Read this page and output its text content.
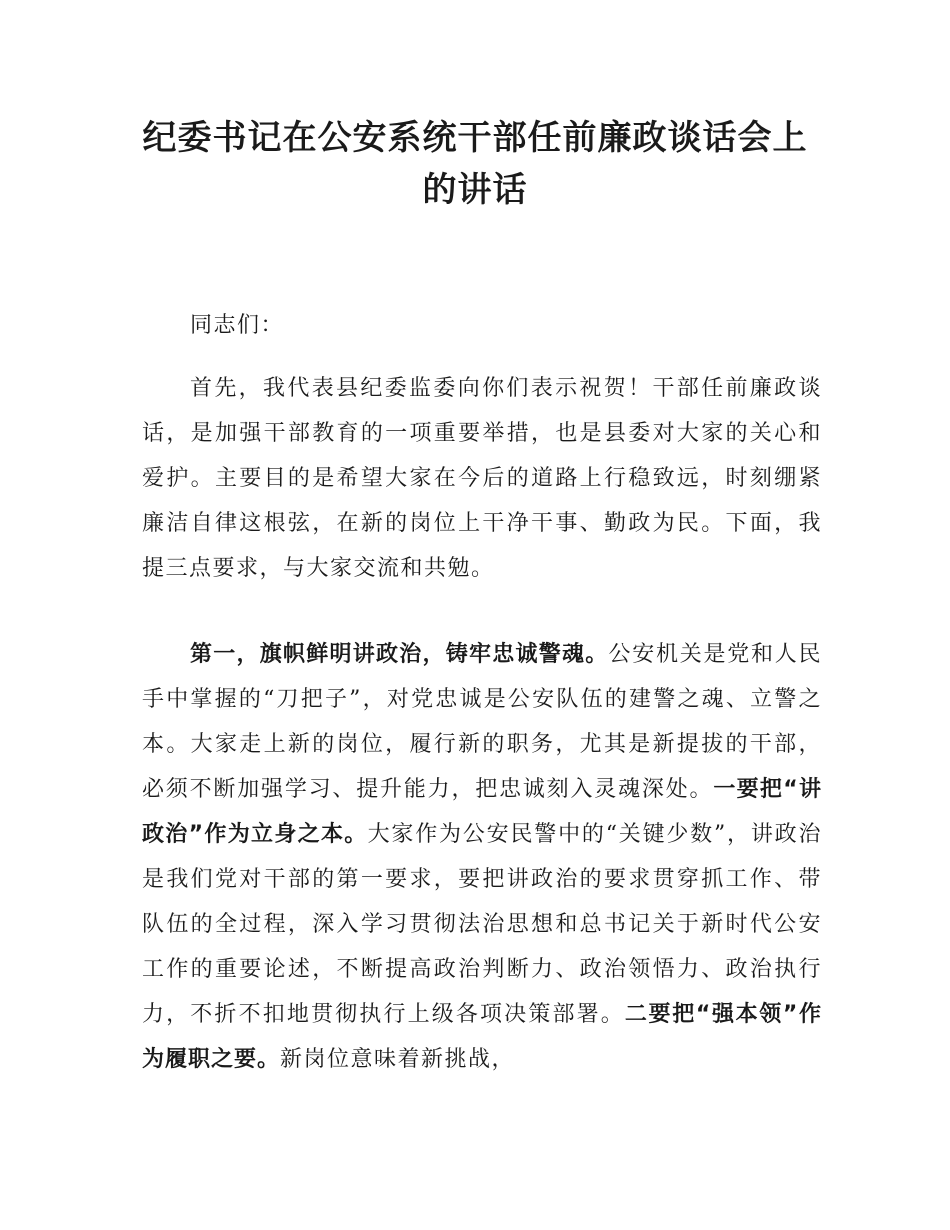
纪委书记在公安系统干部任前廉政谈话会上
的讲话

同志们：

首先，我代表县纪委监委向你们表示祝贺！干部任前廉政谈话，是加强干部教育的一项重要举措，也是县委对大家的关心和爱护。主要目的是希望大家在今后的道路上行稳致远，时刻绷紧廉洁自律这根弦，在新的岗位上干净干事、勤政为民。下面，我提三点要求，与大家交流和共勉。

第一，旗帜鲜明讲政治，铸牢忠诚警魂。公安机关是党和人民手中掌握的“刀把子”，对党忠诚是公安队伍的建警之魂、立警之本。大家走上新的岗位，履行新的职务，尤其是新提拔的干部，必须不断加强学习、提升能力，把忠诚刻入灵魂深处。一要把“讲政治”作为立身之本。大家作为公安民警中的“关键少数”，讲政治是我们党对干部的第一要求，要把讲政治的要求贯穿抓工作、带队伍的全过程，深入学习贯彻法治思想和总书记关于新时代公安工作的重要论述，不断提高政治判断力、政治领悟力、政治执行力，不折不扣地贯彻执行上级各项决策部署。二要把“强本领”作为履职之要。新岗位意味着新挑战，
